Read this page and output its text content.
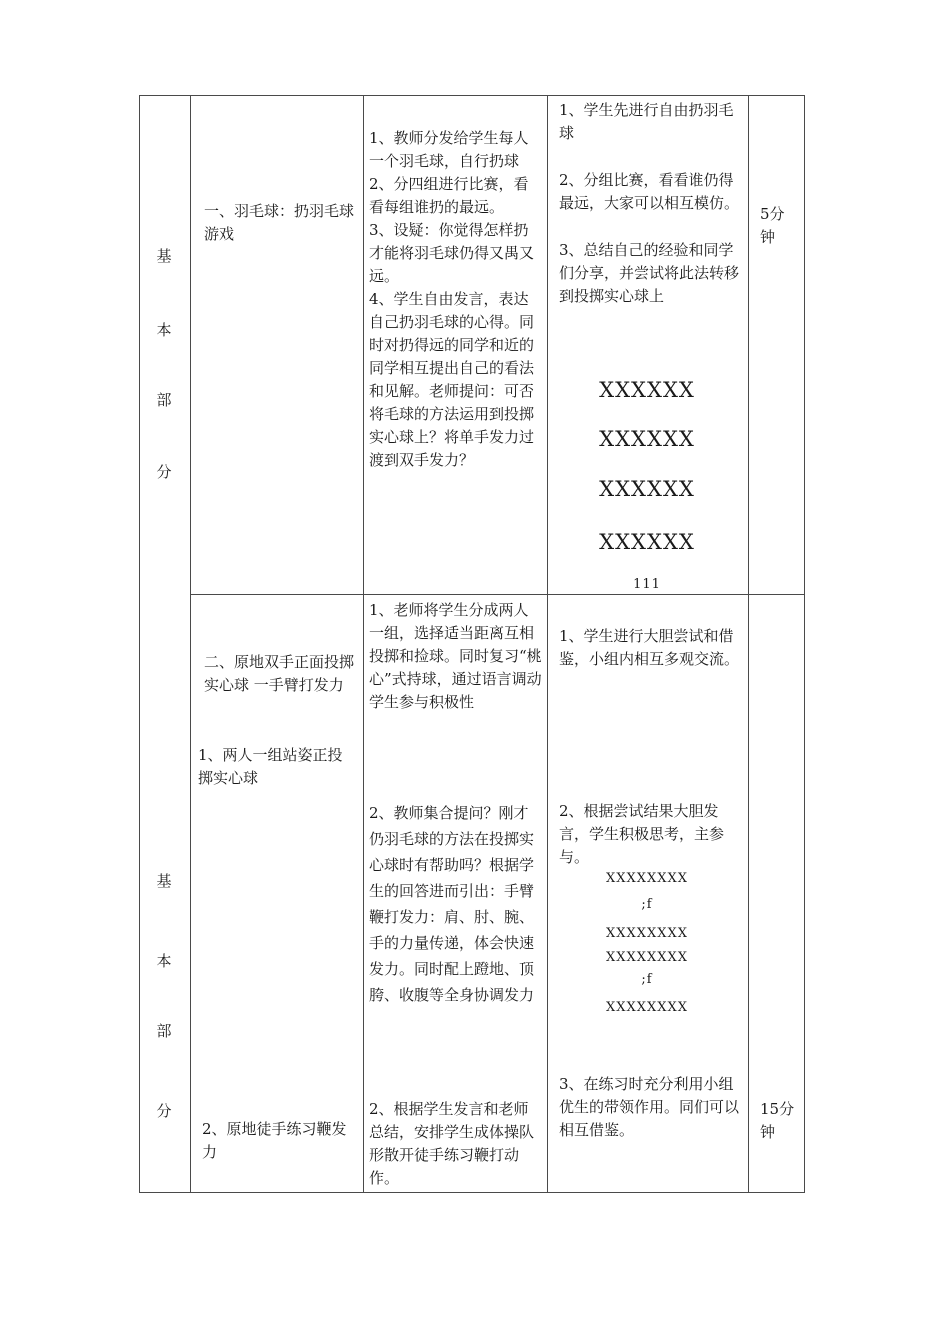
基
本
部
分
基
本
部
分
一、羽毛球：扔羽毛球游戏

1、教师分发给学生每人一个羽毛球，自行扔球

2、分四组进行比赛，看看每组谁扔的最远。

3、设疑：你觉得怎样扔才能将羽毛球仍得又禺又远。

4、学生自由发言，表达自己扔羽毛球的心得。同时对扔得远的同学和近的同学相互提出自己的看法和见解。老师提问：可否将毛球的方法运用到投掷实心球上？将单手发力过渡到双手发力？

1、学生先进行自由扔羽毛球

2、分组比赛，看看谁仍得最远，大家可以相互模仿。

3、总结自己的经验和同学们分享，并尝试将此法转移到投掷实心球上

XXXXXX
XXXXXX
XXXXXX
XXXXXX
111
5分钟
二、原地双手正面投掷实心球 一手臂打发力
1、两人一组站姿正投掷实心球
2、原地徒手练习鞭发力
1、老师将学生分成两人一组，选择适当距离互相投掷和捡球。同时复习“桃心”式持球，通过语言调动学生参与积极性
2、教师集合提问？刚才仍羽毛球的方法在投掷实心球时有帮助吗？根据学生的回答进而引出：手臂鞭打发力：肩、肘、腕、手的力量传递，体会快速发力。同时配上蹬地、顶胯、收腹等全身协调发力
2、根据学生发言和老师总结，安排学生成体操队形散开徒手练习鞭打动作。
1、学生进行大胆尝试和借鉴，小组内相互多观交流。
2、根据尝试结果大胆发言，学生积极思考，主参与。
3、在练习时充分利用小组优生的带领作用。同们可以相互借鉴。
XXXXXXXX
;f
XXXXXXXX
XXXXXXXX
;f
XXXXXXXX
15分钟
